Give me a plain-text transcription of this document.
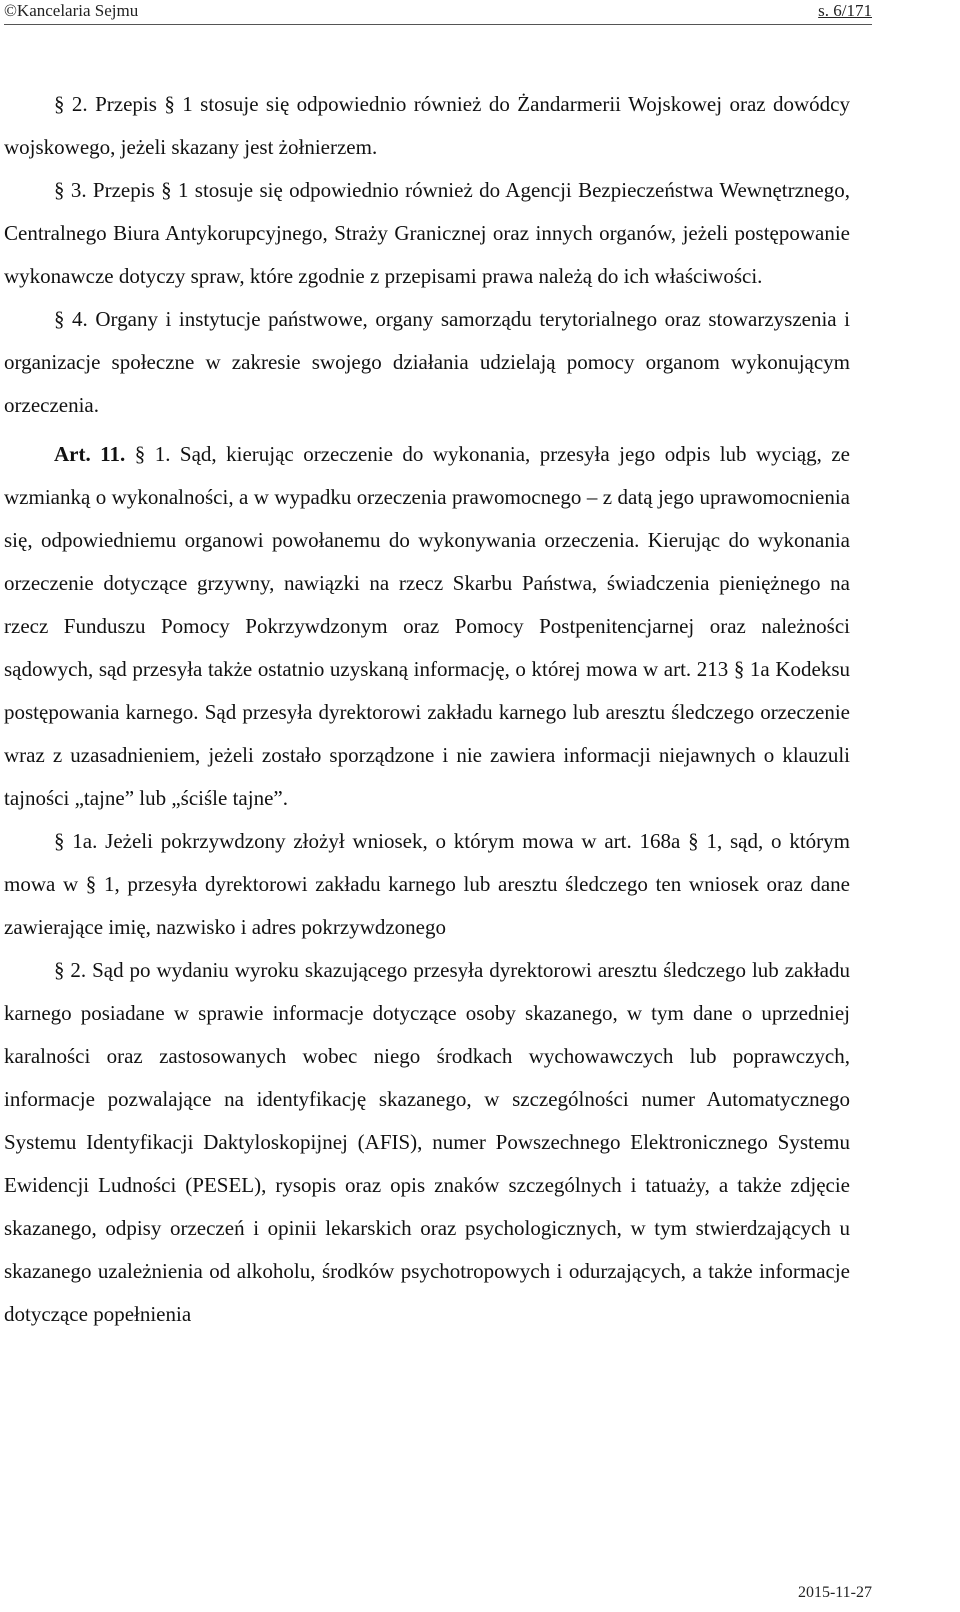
©Kancelaria Sejmu	s. 6/171

§ 2. Przepis § 1 stosuje się odpowiednio również do Żandarmerii Wojskowej oraz dowódcy wojskowego, jeżeli skazany jest żołnierzem.

§ 3. Przepis § 1 stosuje się odpowiednio również do Agencji Bezpieczeństwa Wewnętrznego, Centralnego Biura Antykorupcyjnego, Straży Granicznej oraz innych organów, jeżeli postępowanie wykonawcze dotyczy spraw, które zgodnie z przepisami prawa należą do ich właściwości.

§ 4. Organy i instytucje państwowe, organy samorządu terytorialnego oraz stowarzyszenia i organizacje społeczne w zakresie swojego działania udzielają pomocy organom wykonującym orzeczenia.

Art. 11. § 1. Sąd, kierując orzeczenie do wykonania, przesyła jego odpis lub wyciąg, ze wzmianką o wykonalności, a w wypadku orzeczenia prawomocnego – z datą jego uprawomocnienia się, odpowiedniemu organowi powołanemu do wykonywania orzeczenia. Kierując do wykonania orzeczenie dotyczące grzywny, nawiązki na rzecz Skarbu Państwa, świadczenia pieniężnego na rzecz Funduszu Pomocy Pokrzywdzonym oraz Pomocy Postpenitencjarnej oraz należności sądowych, sąd przesyła także ostatnio uzyskaną informację, o której mowa w art. 213 § 1a Kodeksu postępowania karnego. Sąd przesyła dyrektorowi zakładu karnego lub aresztu śledczego orzeczenie wraz z uzasadnieniem, jeżeli zostało sporządzone i nie zawiera informacji niejawnych o klauzuli tajności „tajne” lub „ściśle tajne”.

§ 1a. Jeżeli pokrzywdzony złożył wniosek, o którym mowa w art. 168a § 1, sąd, o którym mowa w § 1, przesyła dyrektorowi zakładu karnego lub aresztu śledczego ten wniosek oraz dane zawierające imię, nazwisko i adres pokrzywdzonego

§ 2. Sąd po wydaniu wyroku skazującego przesyła dyrektorowi aresztu śledczego lub zakładu karnego posiadane w sprawie informacje dotyczące osoby skazanego, w tym dane o uprzedniej karalności oraz zastosowanych wobec niego środkach wychowawczych lub poprawczych, informacje pozwalające na identyfikację skazanego, w szczególności numer Automatycznego Systemu Identyfikacji Daktyloskopijnej (AFIS), numer Powszechnego Elektronicznego Systemu Ewidencji Ludności (PESEL), rysopis oraz opis znaków szczególnych i tatuaży, a także zdjęcie skazanego, odpisy orzeczeń i opinii lekarskich oraz psychologicznych, w tym stwierdzających u skazanego uzależnienia od alkoholu, środków psychotropowych i odurzających, a także informacje dotyczące popełnienia

2015-11-27
